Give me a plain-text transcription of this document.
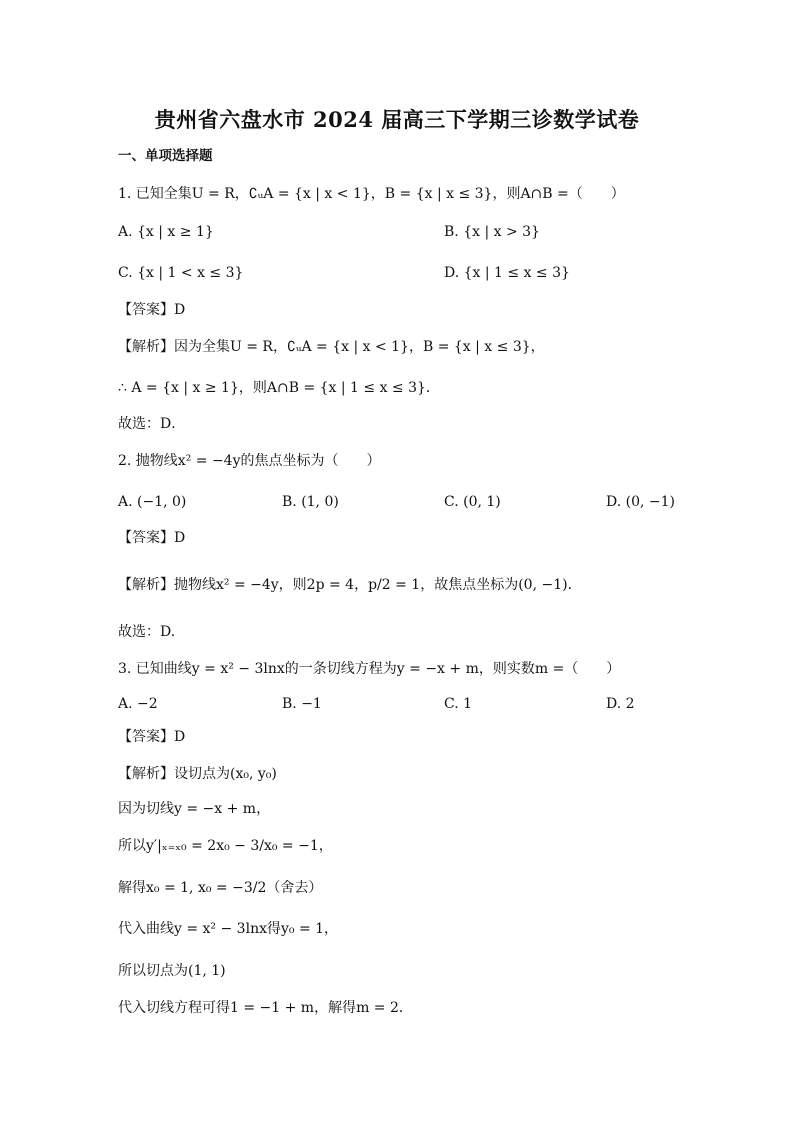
贵州省六盘水市 2024 届高三下学期三诊数学试卷
一、单项选择题
1. 已知全集U = R，∁ᵤA = {x | x < 1}，B = {x | x ≤ 3}，则A∩B =（　　）
A. {x | x ≥ 1}	B. {x | x > 3}
C. {x | 1 < x ≤ 3}	D. {x | 1 ≤ x ≤ 3}
【答案】D
【解析】因为全集U = R，∁ᵤA = {x | x < 1}，B = {x | x ≤ 3}，
∴ A = {x | x ≥ 1}，则A∩B = {x | 1 ≤ x ≤ 3}．
故选：D．
2. 抛物线x² = −4y的焦点坐标为（　　）
A. (−1, 0)	B. (1, 0)	C. (0, 1)	D. (0, −1)
【答案】D
【解析】抛物线x² = −4y，则2p = 4，p/2 = 1，故焦点坐标为(0, −1)．
故选：D.
3. 已知曲线y = x² − 3lnx的一条切线方程为y = −x + m，则实数m =（　　）
A. −2	B. −1	C. 1	D. 2
【答案】D
【解析】设切点为(x₀, y₀)
因为切线y = −x + m，
所以y′|ₓ₌ₓ₀ = 2x₀ − 3/x₀ = −1，
解得x₀ = 1, x₀ = −3/2（舍去）
代入曲线y = x² − 3lnx得y₀ = 1，
所以切点为(1, 1)
代入切线方程可得1 = −1 + m，解得m = 2．
